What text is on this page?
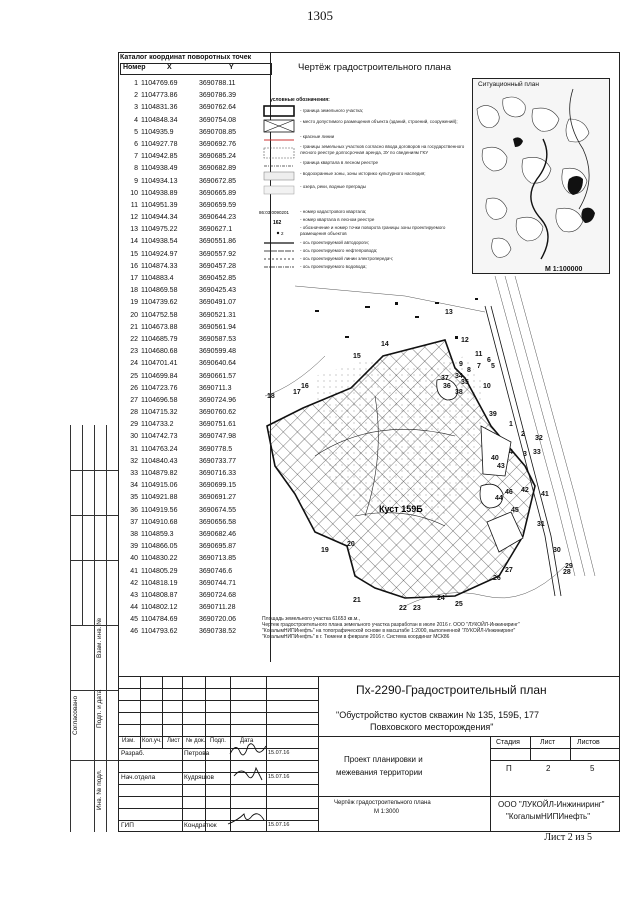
1305
Согласовано
Взам. инв. №
Подп. и дата
Инв. № подл.
Каталог координат поворотных точек
Номер	X	Y
1 1104769.69	3690788.11
2 1104773.86	3690786.39
3 1104831.36	3690762.64
4 1104848.34	3690754.08
5 1104935.9	3690708.85
6 1104927.78	3690692.76
7 1104942.85	3690685.24
8 1104938.49	3690682.89
9 1104934.13	3690672.85
10 1104938.89	3690665.89
11 1104951.39	3690659.59
12 1104944.34	3690644.23
13 1104975.22	3690627.1
14 1104938.54	3690551.86
15 1104924.97	3690557.92
16 1104874.33	3690457.28
17 1104883.4	3690452.85
18 1104869.58	3690425.43
19 1104739.62	3690491.07
20 1104752.58	3690521.31
21 1104673.88	3690561.94
22 1104685.79	3690587.53
23 1104680.68	3690599.48
24 1104701.41	3690640.64
25 1104699.84	3690661.57
26 1104723.76	3690711.3
27 1104696.58	3690724.96
28 1104715.32	3690760.62
29 1104733.2	3690751.61
30 1104742.73	3690747.98
31 1104763.24	3690778.5
32 1104840.43	3690733.77
33 1104879.82	3690716.33
34 1104915.06	3690699.15
35 1104921.88	3690691.27
36 1104919.56	3690674.55
37 1104910.68	3690656.58
38 1104859.3	3690682.46
39 1104866.05	3690695.87
40 1104830.22	3690713.85
41 1104805.29	3690746.6
42 1104818.19	3690744.71
43 1104808.87	3690724.68
44 1104802.12	3690711.28
45 1104784.69	3690720.06
46 1104793.62	3690738.52
Чертёж градостроительного плана
условные обозначения:
86:03:0090201
162
2
- граница земельного участка;
- место допустимого размещения объекта (зданий, строений, сооружений);
- красные линии
- границы земельных участков согласно ввода договоров на государственного лесного реестре долгосрочная аренда, ЗУ по сведениям ГКУ
- граница квартала в лесном реестре
- водоохранные зоны, зоны историко культурного наследия;
- озера, реки, водные преграды
- номер кадастрового квартала;
- номер квартала в лесном реестре
- обозначение и номер точки поворота границы зоны проектируемого размещения объектов
- ось проектируемой автодороги;
- ось проектируемого нефтепровода;
- ось проектируемой линии электропередач;
- ось проектируемого водовода;
Ситуационный план
М 1:100000
Куст 159Б
1
2
3
4
5
6
7
8
9
10
11
12
13
14
15
16
17
18
19
20
21
22 23
24
25
26
27	28
29
30
31
32
33
34
35
36
37
38
39
40
41
42
43
44
45
46
Площадь земельного участка 61653 кв.м.,
Чертеж градостроительного плана земельного участка разработан в июле 2016 г. ООО "ЛУКОЙЛ-Инжиниринг"
"КогалымНИПИнефть" на топографической основе в масштабе 1:2000, выполненной "ЛУКОЙЛ-Инжиниринг"
"КогалымНИПИнефть" в г. Тюмени в феврале 2016 г. Система координат МСК86
Пх-2290-Градостроительный план
"Обустройство кустов скважин № 135, 159Б, 177
Повховского месторождения"
Проект планировки и
межевания территории
Чертёж градостроительного плана
М 1:3000
ООО "ЛУКОЙЛ-Инжиниринг"
"КогалымНИПИнефть"
Изм. Кол.уч. Лист № док. Подп. Дата
Разраб.	Петрова	15.07.16
Нач.отдела	Кудряшов	15.07.16
ГИП	Кондратюк	15.07.16
Стадия	Лист	Листов
П	2	5
Лист 2 из 5
